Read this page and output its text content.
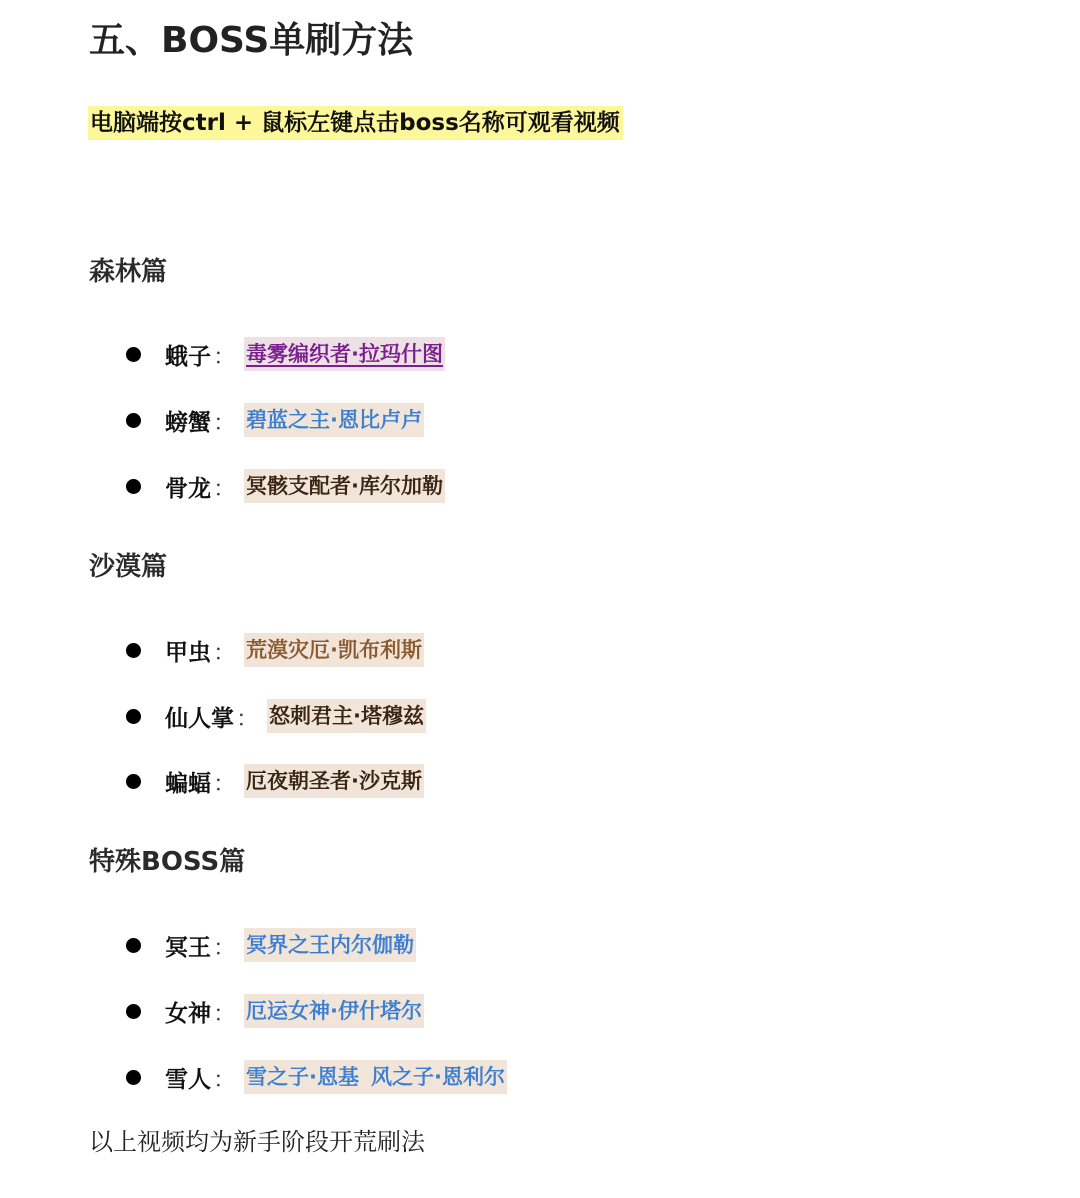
五、BOSS单刷方法
电脑端按ctrl + 鼠标左键点击boss名称可观看视频
森林篇
蛾子 ： 毒雾编织者·拉玛什图
螃蟹 ： 碧蓝之主·恩比卢卢
骨龙 ： 冥骸支配者·库尔加勒
沙漠篇
甲虫 ： 荒漠灾厄·凯布利斯
仙人掌 ： 怒刺君主·塔穆兹
蝙蝠 ： 厄夜朝圣者·沙克斯
特殊BOSS篇
冥王 ： 冥界之王内尔伽勒
女神 ： 厄运女神·伊什塔尔
雪人 ： 雪之子·恩基 风之子·恩利尔
以上视频均为新手阶段开荒刷法
